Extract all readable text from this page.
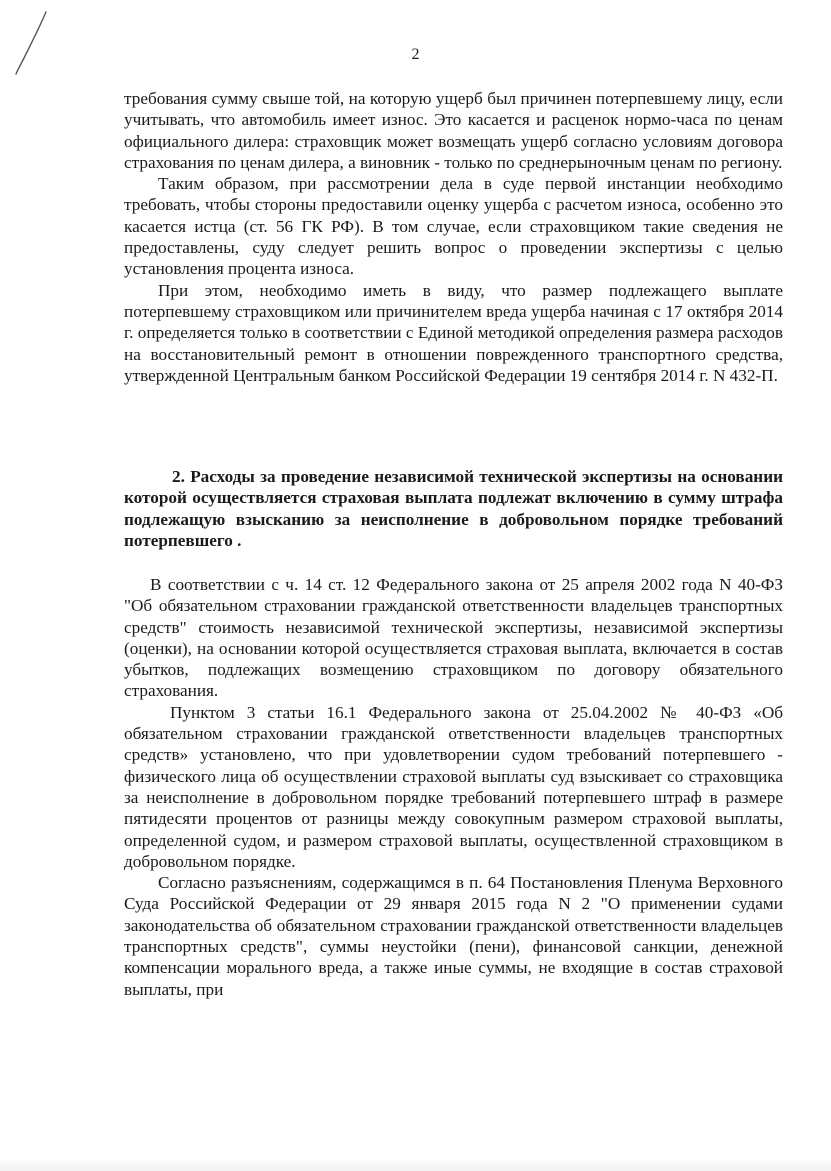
2

требования сумму свыше той, на которую ущерб был причинен потерпевшему лицу, если учитывать, что автомобиль имеет износ. Это касается и расценок нормо-часа по ценам официального дилера: страховщик может возмещать ущерб согласно условиям договора страхования по ценам дилера, а виновник - только по среднерыночным ценам по региону.

Таким образом, при рассмотрении дела в суде первой инстанции необходимо требовать, чтобы стороны предоставили оценку ущерба с расчетом износа, особенно это касается истца (ст. 56 ГК РФ). В том случае, если страховщиком такие сведения не предоставлены, суду следует решить вопрос о проведении экспертизы с целью установления процента износа.

При этом, необходимо иметь в виду, что размер подлежащего выплате потерпевшему страховщиком или причинителем вреда ущерба начиная с 17 октября 2014 г. определяется только в соответствии с Единой методикой определения размера расходов на восстановительный ремонт в отношении поврежденного транспортного средства, утвержденной Центральным банком Российской Федерации 19 сентября 2014 г. N 432-П.

2. Расходы за проведение независимой технической экспертизы на основании которой осуществляется страховая выплата подлежат включению в сумму штрафа подлежащую взысканию за неисполнение в добровольном порядке требований потерпевшего .

В соответствии с ч. 14 ст. 12 Федерального закона от 25 апреля 2002 года N 40-ФЗ "Об обязательном страховании гражданской ответственности владельцев транспортных средств" стоимость независимой технической экспертизы, независимой экспертизы (оценки), на основании которой осуществляется страховая выплата, включается в состав убытков, подлежащих возмещению страховщиком по договору обязательного страхования.

Пунктом 3 статьи 16.1 Федерального закона от 25.04.2002 № 40-ФЗ «Об обязательном страховании гражданской ответственности владельцев транспортных средств» установлено, что при удовлетворении судом требований потерпевшего - физического лица об осуществлении страховой выплаты суд взыскивает со страховщика за неисполнение в добровольном порядке требований потерпевшего штраф в размере пятидесяти процентов от разницы между совокупным размером страховой выплаты, определенной судом, и размером страховой выплаты, осуществленной страховщиком в добровольном порядке.

Согласно разъяснениям, содержащимся в п. 64 Постановления Пленума Верховного Суда Российской Федерации от 29 января 2015 года N 2 "О применении судами законодательства об обязательном страховании гражданской ответственности владельцев транспортных средств", суммы неустойки (пени), финансовой санкции, денежной компенсации морального вреда, а также иные суммы, не входящие в состав страховой выплаты, при
